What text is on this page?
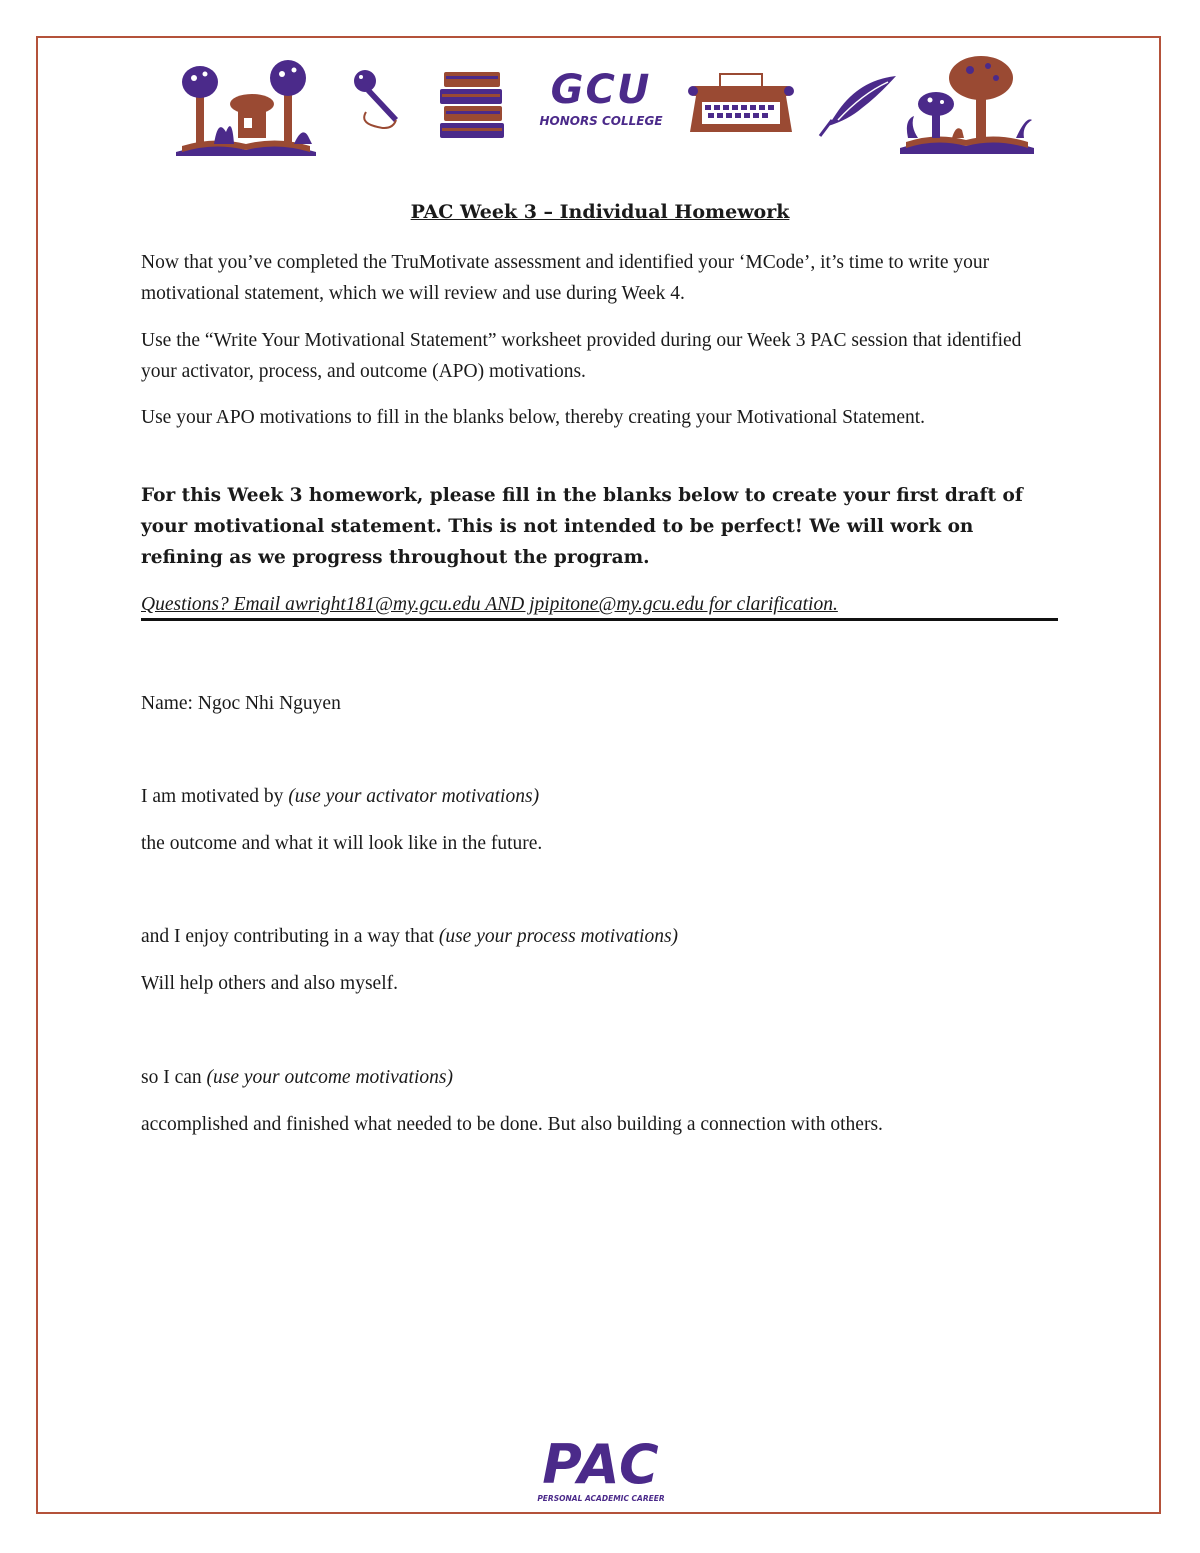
GCU
HONORS COLLEGE
PAC Week 3 – Individual Homework
Now that you’ve completed the TruMotivate assessment and identified your ‘MCode’, it’s time to write your motivational statement, which we will review and use during Week 4.
Use the “Write Your Motivational Statement” worksheet provided during our Week 3 PAC session that identified your activator, process, and outcome (APO) motivations.
Use your APO motivations to fill in the blanks below, thereby creating your Motivational Statement.
For this Week 3 homework, please fill in the blanks below to create your first draft of your motivational statement. This is not intended to be perfect! We will work on refining as we progress throughout the program.
Questions? Email awright181@my.gcu.edu AND jpipitone@my.gcu.edu for clarification.
Name: Ngoc Nhi Nguyen
I am motivated by (use your activator motivations)
the outcome and what it will look like in the future.
and I enjoy contributing in a way that (use your process motivations)
Will help others and also myself.
so I can (use your outcome motivations)
accomplished and finished what needed to be done. But also building a connection with others.
PAC
PERSONAL ACADEMIC CAREER
